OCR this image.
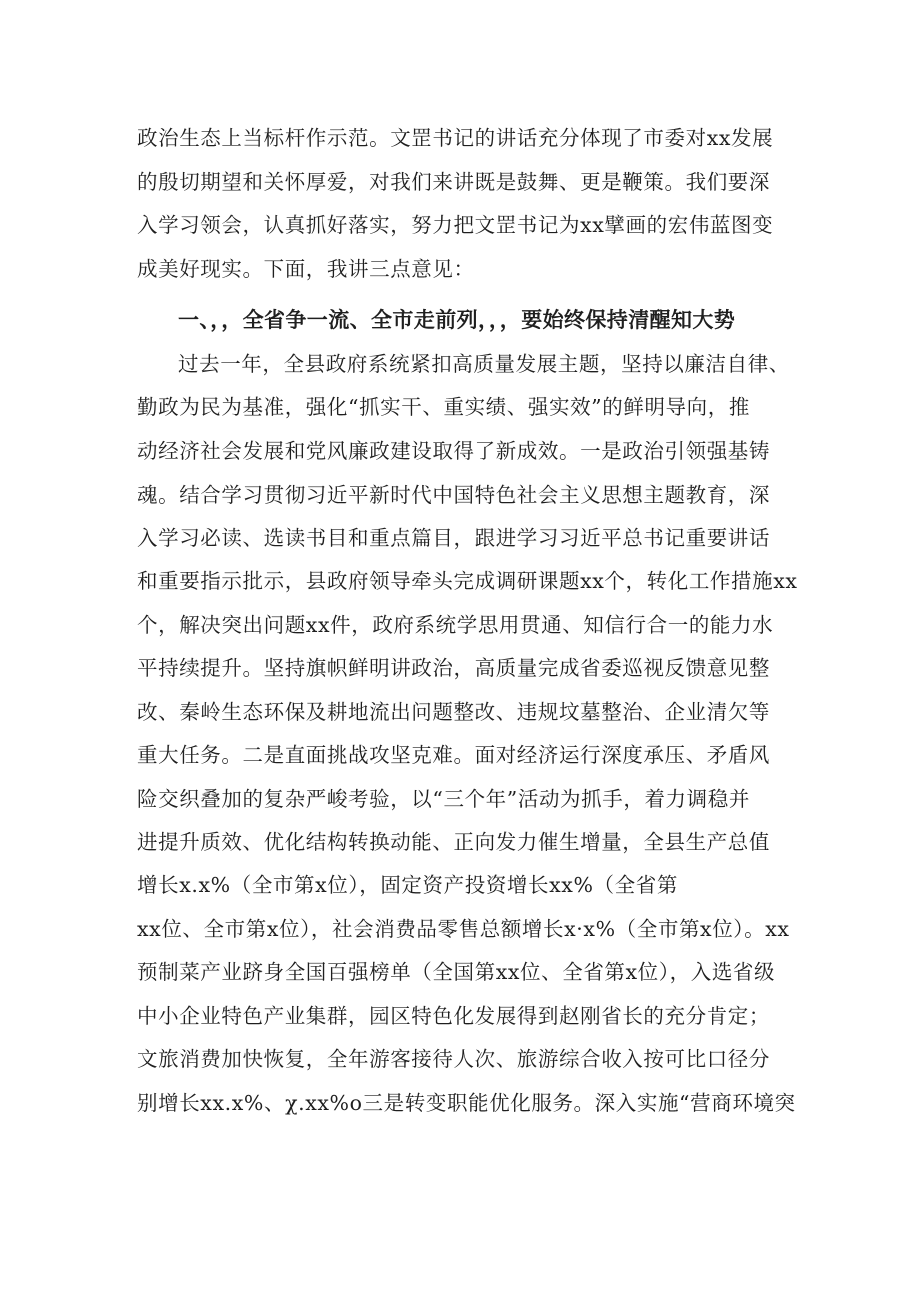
政治生态上当标杆作示范。文罡书记的讲话充分体现了市委对xx发展
的殷切期望和关怀厚爱，对我们来讲既是鼓舞、更是鞭策。我们要深
入学习领会，认真抓好落实，努力把文罡书记为xx擘画的宏伟蓝图变
成美好现实。下面，我讲三点意见：
一、，，全省争一流、全市走前列，，，要始终保持清醒知大势
过去一年，全县政府系统紧扣高质量发展主题，坚持以廉洁自律、
勤政为民为基准，强化“抓实干、重实绩、强实效”的鲜明导向，推
动经济社会发展和党风廉政建设取得了新成效。一是政治引领强基铸
魂。结合学习贯彻习近平新时代中国特色社会主义思想主题教育，深
入学习必读、选读书目和重点篇目，跟进学习习近平总书记重要讲话
和重要指示批示，县政府领导牵头完成调研课题xx个，转化工作措施xx
个，解决突出问题xx件，政府系统学思用贯通、知信行合一的能力水
平持续提升。坚持旗帜鲜明讲政治，高质量完成省委巡视反馈意见整
改、秦岭生态环保及耕地流出问题整改、违规坟墓整治、企业清欠等
重大任务。二是直面挑战攻坚克难。面对经济运行深度承压、矛盾风
险交织叠加的复杂严峻考验，以“三个年”活动为抓手，着力调稳并
进提升质效、优化结构转换动能、正向发力催生增量，全县生产总值
增长x.x%（全市第x位），固定资产投资增长xx%（全省第
xx位、全市第x位），社会消费品零售总额增长x·x%（全市第x位）。xx
预制菜产业跻身全国百强榜单（全国第xx位、全省第x位），入选省级
中小企业特色产业集群，园区特色化发展得到赵刚省长的充分肯定；
文旅消费加快恢复，全年游客接待人次、旅游综合收入按可比口径分
别增长xx.x%、χ.xx%o三是转变职能优化服务。深入实施“营商环境突
